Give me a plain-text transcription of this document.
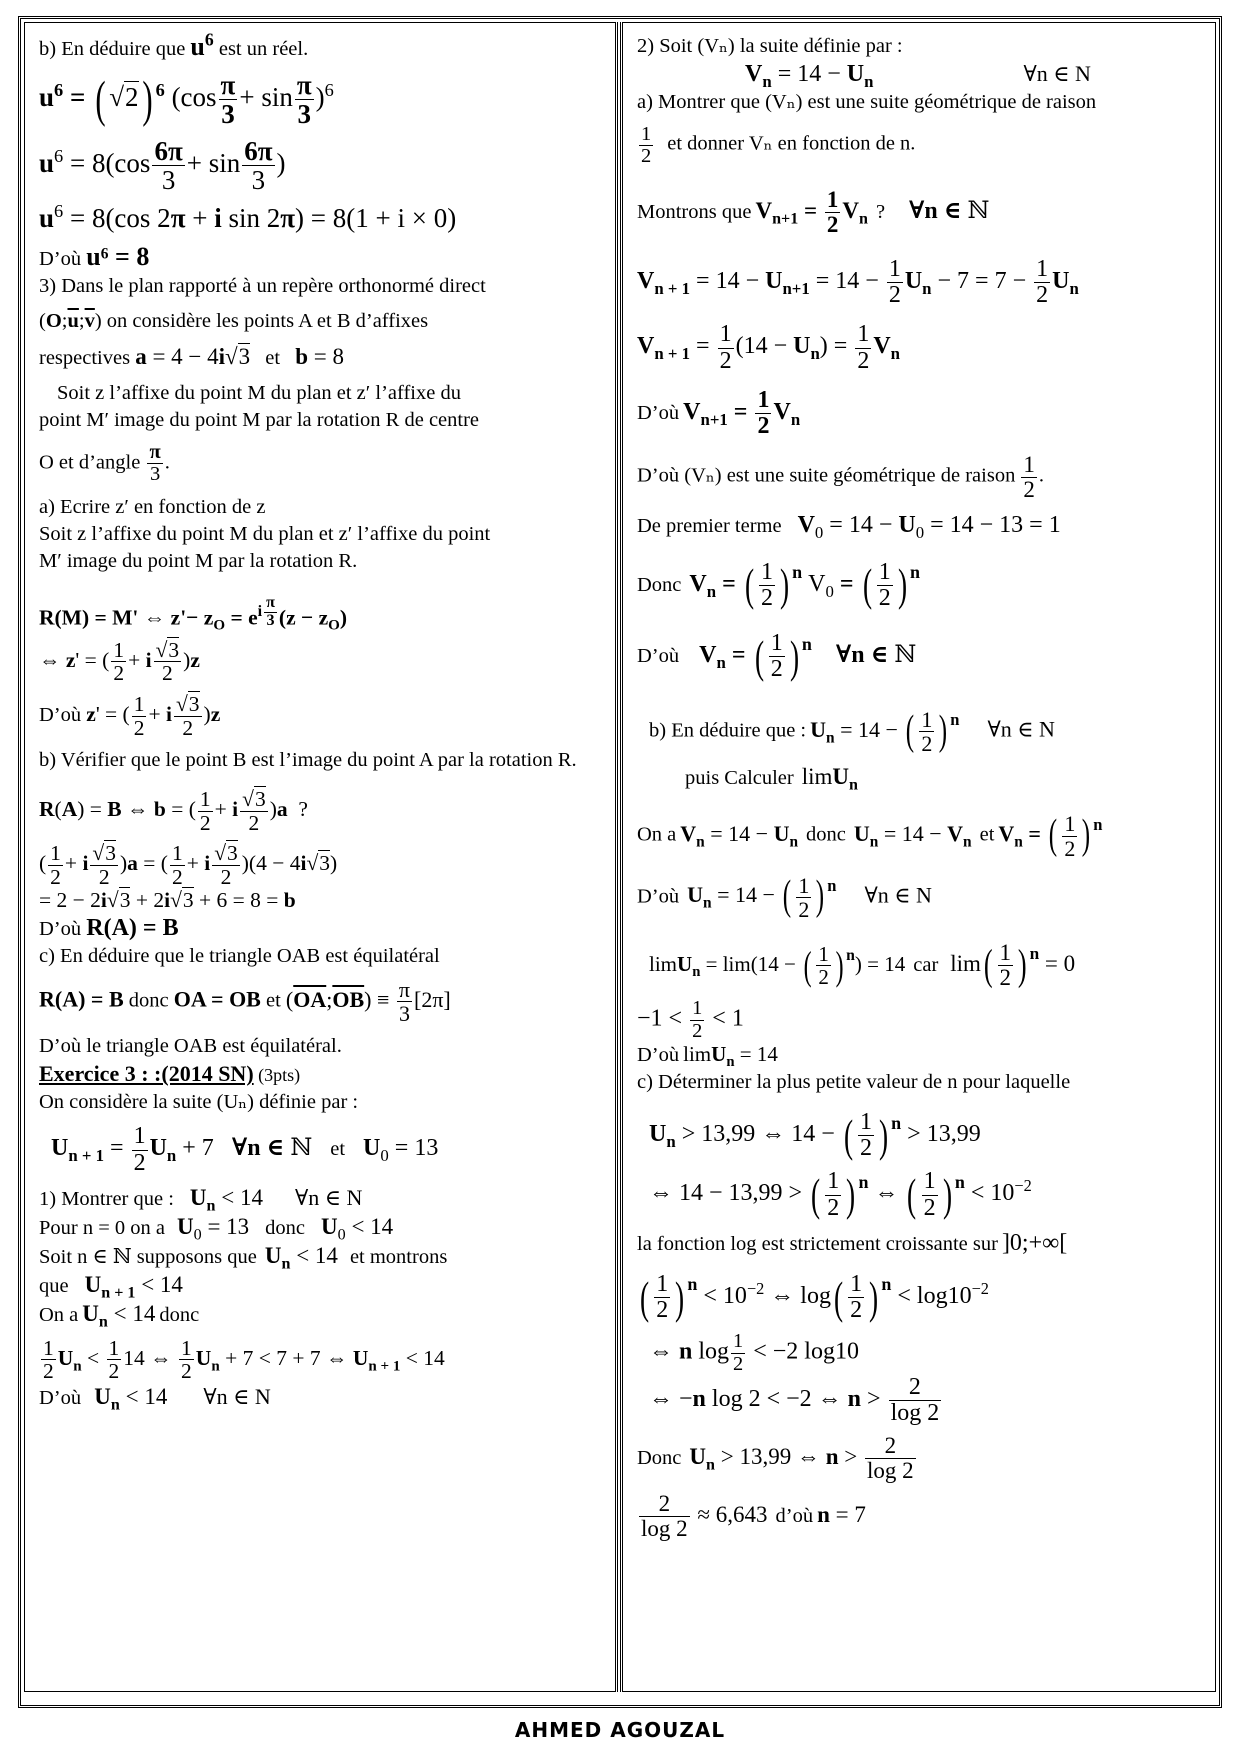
b) En déduire que $u^6$ est un réel.
$u^6$ = ( √2) $^6$ $(\cos \frac{\pi}{3} + \sin \frac{\pi}{3} )^6$
$u^6 = 8(\cos \frac{6\pi}{3} + \sin \frac{6\pi}{3}$ )
$u^6 = 8(\cos$ 2π + i sin 2π) = 8(1 + i × 0)
D’où u⁶ = 8
3) Dans le plan rapporté à un repère orthonormé direct
$(O;\overline{u};\overline{v})$ on considère les points A et B d’affixes
respectives a = 4 − 4i√3 et b = 8
Soit z l’affixe du point M du plan et z′ l’affixe du
point M′ image du point M par la rotation R de centre
O et d’angle $\frac{\pi}{3}$ .
a) Ecrire z′ en fonction de z
Soit z l’affixe du point M du plan et z′ l’affixe du point
M′ image du point M par la rotation R.
R(M) = M' ⇔ $z'- z_O = e^{i \frac{\pi}{3}}$ $(z - z_O)$
⇔ z' = ( $\frac{1}{2} + i \frac{√3}{2} )z$
D’où z' = ( $\frac{1}{2} + i \frac{√3}{2} )z$
b) Vérifier que le point B est l’image du point A par la rotation R.
R(A) = B ⇔ b = ( $\frac{1}{2} + i \frac{√3}{2} )a$  ?
( $\frac{1}{2} + i \frac{√3}{2} )a$ = ( $\frac{1}{2} + i \frac{√3}{2} )(4 - 4i√3)$
= 2 − 2i√3 + 2i√3 + 6 = 8 = b
D’où R(A) = B
c) En déduire que le triangle OAB est équilatéral
R(A) = B donc OA = OB et $(\overline{OA};\overline{OB}) \equiv \frac{\pi}{3} [2\pi]$
D’où le triangle OAB est équilatéral.
Exercice 3 : :(2014 SN) (3pts)
On considère la suite (Uₙ) définie par :
$U_{n + 1} = \frac{1}{2} U_n + 7$   ∀n ∈ ℕ   et $U_0 = 13$
1) Montrer que : $U_n < 14$ ∀n ∈ N
Pour n = 0 on a $U_0 = 13$ donc $U_0 < 14$
Soit n ∈ ℕ supposons que $U_n < 14$ et montrons
que $U_{n + 1} < 14$
On a $U_n < 14$ donc
$\frac{1}{2} U_n < \frac{1}{2} 14$ ⇔ $\frac{1}{2} U_n + 7 < 7 + 7$ ⇔ $U_{n + 1} < 14$
D’où   $U_n < 14$ ∀n ∈ N
2) Soit (Vₙ) la suite définie par :
$V_n = 14 - U_n$	∀n ∈ N
a) Montrer que (Vₙ) est une suite géométrique de raison
$\frac{1}{2}$ et donner Vₙ en fonction de n.
Montrons que $V_{n+1} = \frac{1}{2} V_n$ ? ∀n ∈ ℕ
$V_{n + 1} = 14 - U_{n+1} = 14 - \frac{1}{2} U_n - 7 = 7 - \frac{1}{2} U_n$
$V_{n + 1} = \frac{1}{2} (14 - U_n) = \frac{1}{2} V_n$
D’où $V_{n+1} = \frac{1}{2} V_n$
D’où (Vₙ) est une suite géométrique de raison $\frac{1}{2}$ .
De premier terme $V_0 = 14 - U_0 = 14 - 13 = 1$
Donc $V_n$ = ( $\frac{1}{2}$ ) $^n$ $V_0$ = ( $\frac{1}{2}$ ) $^n$
D’où $V_n$ = ( $\frac{1}{2}$ ) $^n$ ∀n ∈ ℕ
b) En déduire que : $U_n = 14$ − ( $\frac{1}{2}$ ) $^n$ ∀n ∈ N
puis Calculer limU$_n$
On a $V_n = 14 - U_n$ donc $U_n = 14 - V_n$ et $V_n$ = ( $\frac{1}{2}$ ) $^n$
D’où $U_n = 14$ − ( $\frac{1}{2}$ ) $^n$ ∀n ∈ N
limU$_n$ = lim(14 − ( $\frac{1}{2}$ ) $^n$) = 14 car $\lim( \frac{1}{2}$ ) $^n$ = 0
$-1 < \frac{1}{2} < 1$
D’où limU$_n$ = 14
c) Déterminer la plus petite valeur de n pour laquelle
$U_n > 13,99$ ⇔ 14 − ( $\frac{1}{2}$ ) $^n$ > 13,99
⇔ 14 − 13,99 > ( $\frac{1}{2}$ ) $^n$ ⇔ ( $\frac{1}{2}$ ) $^n < 10^{-2}$
la fonction log est strictement croissante sur ]0;+∞[
( $\frac{1}{2}$ ) $^n < 10^{-2}$ ⇔ $\log( \frac{1}{2}$ ) $^n < \log 10^{-2}$
⇔ n $\log \frac{1}{2} < -2$ log10
⇔ −n log 2 < −2 ⇔ $n > \frac{2}{\log 2}$
Donc $U_n > 13,99$ ⇔ $n > \frac{2}{\log 2}$
$\frac{2}{\log 2} \approx 6,643$ d’où n = 7
AHMED AGOUZAL
